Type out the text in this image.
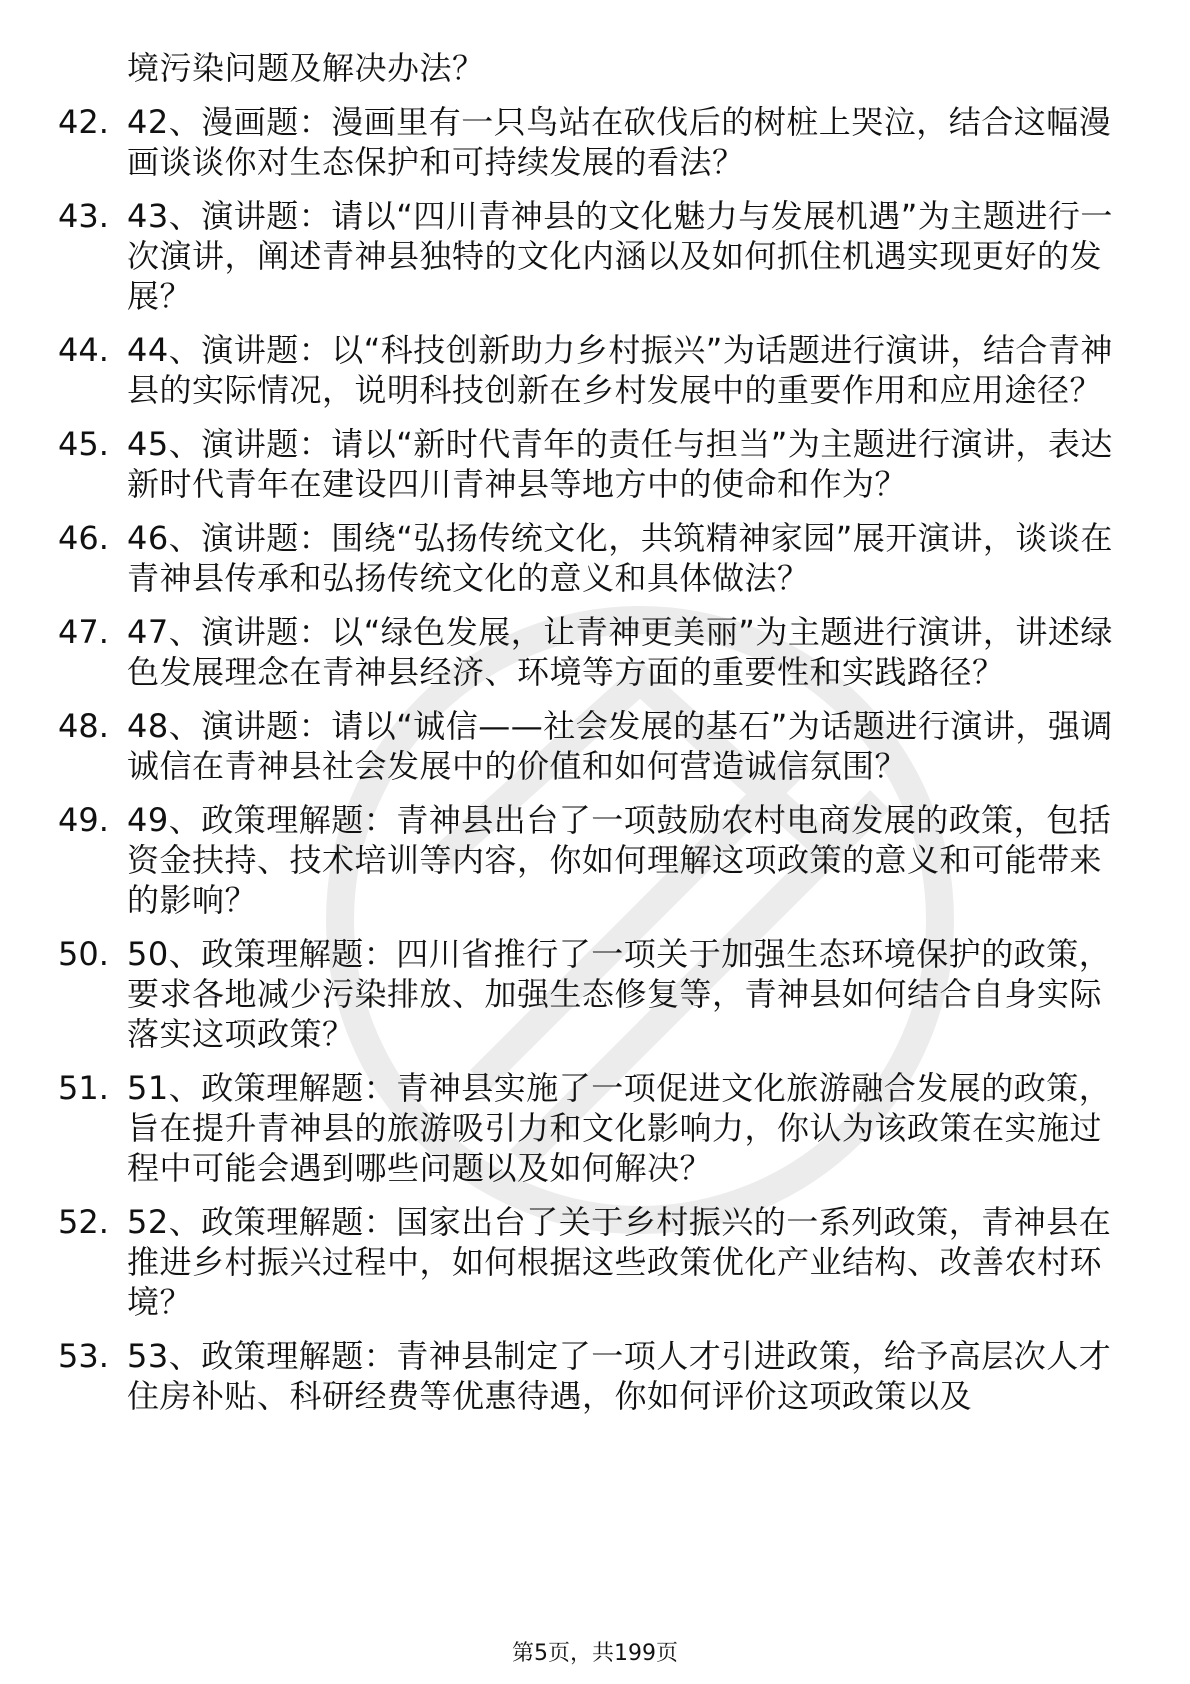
境污染问题及解决办法？
42. 42、漫画题：漫画里有一只鸟站在砍伐后的树桩上哭泣，结合这幅漫画谈谈你对生态保护和可持续发展的看法？
43. 43、演讲题：请以“四川青神县的文化魅力与发展机遇”为主题进行一次演讲，阐述青神县独特的文化内涵以及如何抓住机遇实现更好的发展？
44. 44、演讲题：以“科技创新助力乡村振兴”为话题进行演讲，结合青神县的实际情况，说明科技创新在乡村发展中的重要作用和应用途径？
45. 45、演讲题：请以“新时代青年的责任与担当”为主题进行演讲，表达新时代青年在建设四川青神县等地方中的使命和作为？
46. 46、演讲题：围绕“弘扬传统文化，共筑精神家园”展开演讲，谈谈在青神县传承和弘扬传统文化的意义和具体做法？
47. 47、演讲题：以“绿色发展，让青神更美丽”为主题进行演讲，讲述绿色发展理念在青神县经济、环境等方面的重要性和实践路径？
48. 48、演讲题：请以“诚信——社会发展的基石”为话题进行演讲，强调诚信在青神县社会发展中的价值和如何营造诚信氛围？
49. 49、政策理解题：青神县出台了一项鼓励农村电商发展的政策，包括资金扶持、技术培训等内容，你如何理解这项政策的意义和可能带来的影响？
50. 50、政策理解题：四川省推行了一项关于加强生态环境保护的政策，要求各地减少污染排放、加强生态修复等，青神县如何结合自身实际落实这项政策？
51. 51、政策理解题：青神县实施了一项促进文化旅游融合发展的政策，旨在提升青神县的旅游吸引力和文化影响力，你认为该政策在实施过程中可能会遇到哪些问题以及如何解决？
52. 52、政策理解题：国家出台了关于乡村振兴的一系列政策，青神县在推进乡村振兴过程中，如何根据这些政策优化产业结构、改善农村环境？
53. 53、政策理解题：青神县制定了一项人才引进政策，给予高层次人才住房补贴、科研经费等优惠待遇，你如何评价这项政策以及
第5页，共199页
